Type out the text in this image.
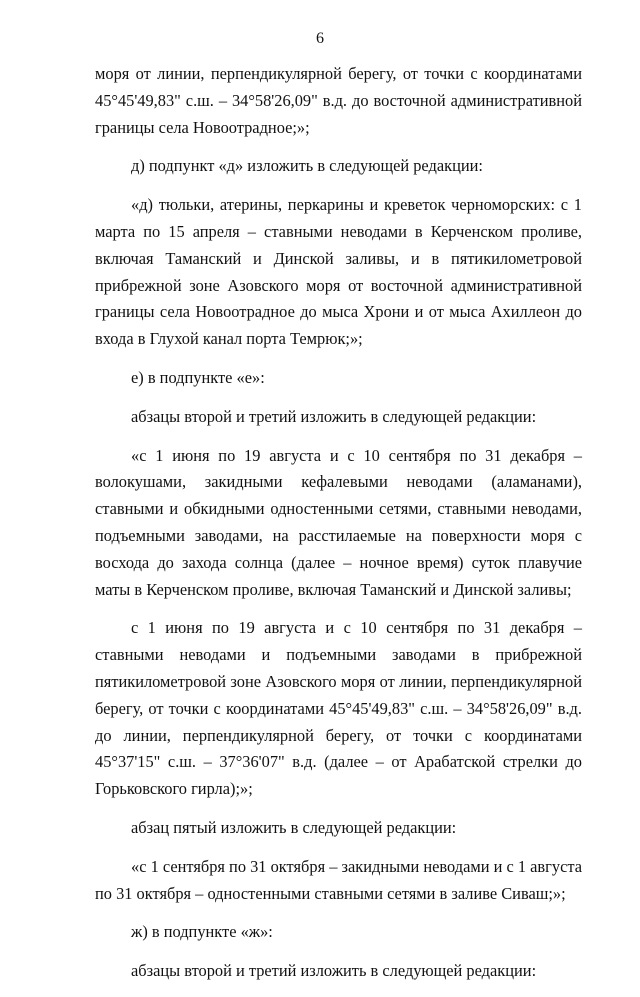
6

моря от линии, перпендикулярной берегу, от точки с координатами 45°45'49,83" с.ш. – 34°58'26,09" в.д. до восточной административной границы села Новоотрадное;»;

д) подпункт «д» изложить в следующей редакции:

«д) тюльки, атерины, перкарины и креветок черноморских: с 1 марта по 15 апреля – ставными неводами в Керченском проливе, включая Таманский и Динской заливы, и в пятикилометровой прибрежной зоне Азовского моря от восточной административной границы села Новоотрадное до мыса Хрони и от мыса Ахиллеон до входа в Глухой канал порта Темрюк;»;

е) в подпункте «е»:

абзацы второй и третий изложить в следующей редакции:

«с 1 июня по 19 августа и с 10 сентября по 31 декабря – волокушами, закидными кефалевыми неводами (аламанами), ставными и обкидными одностенными сетями, ставными неводами, подъемными заводами, на расстилаемые на поверхности моря с восхода до захода солнца (далее – ночное время) суток плавучие маты в Керченском проливе, включая Таманский и Динской заливы;

с 1 июня по 19 августа и с 10 сентября по 31 декабря – ставными неводами и подъемными заводами в прибрежной пятикилометровой зоне Азовского моря от линии, перпендикулярной берегу, от точки с координатами 45°45'49,83" с.ш. – 34°58'26,09" в.д. до линии, перпендикулярной берегу, от точки с координатами 45°37'15" с.ш. – 37°36'07" в.д. (далее – от Арабатской стрелки до Горьковского гирла);»;

абзац пятый изложить в следующей редакции:

«с 1 сентября по 31 октября – закидными неводами и с 1 августа по 31 октября – одностенными ставными сетями в заливе Сиваш;»;

ж) в подпункте «ж»:

абзацы второй и третий изложить в следующей редакции:
